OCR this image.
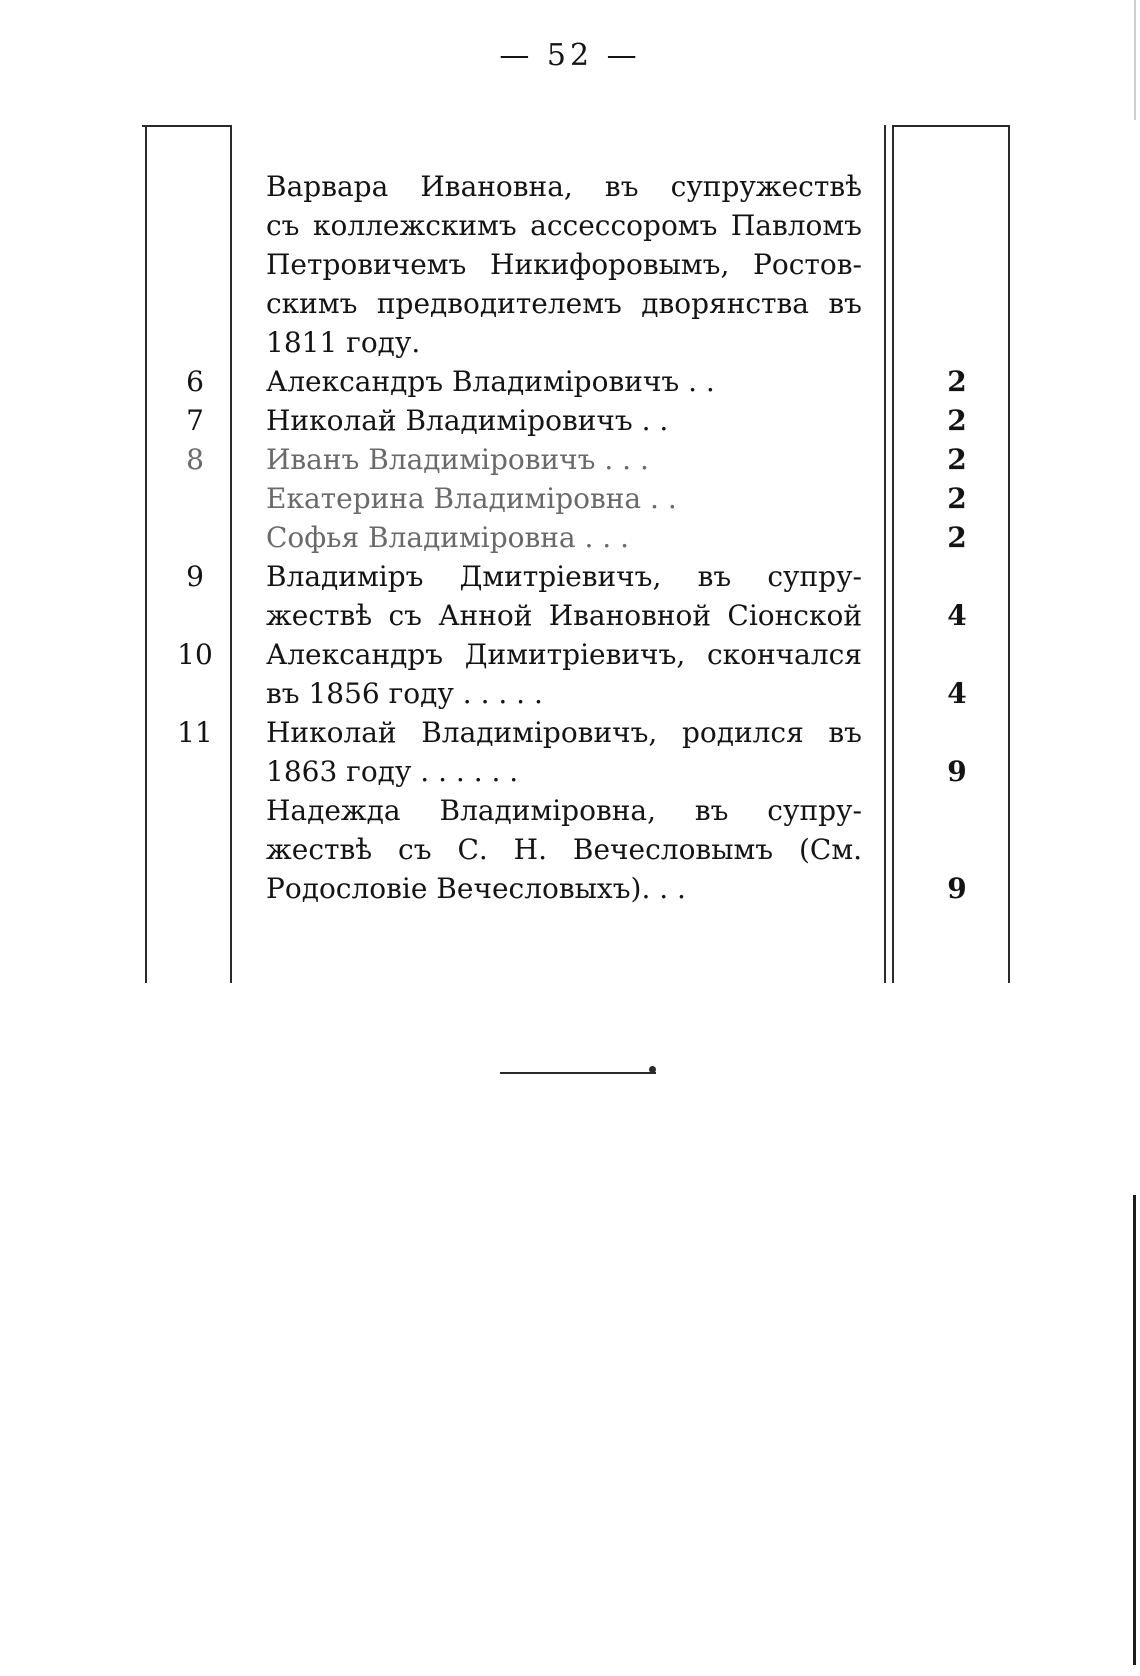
— 52 —
Варвара Ивановна, въ супружествѣ
съ коллежскимъ ассессоромъ Павломъ
Петровичемъ Никифоровымъ, Ростов-
скимъ предводителемъ дворянства въ
1811 году.
6	Александръ Владиміровичъ . .	2
7	Николай Владиміровичъ . .	2
8	Иванъ Владиміровичъ . . .	2
Екатерина Владиміровна . .	2
Софья Владиміровна . . .	2
9	Владиміръ Дмитріевичъ, въ супру-
жествѣ съ Анной Ивановной Сіонской	4
10	Александръ Димитріевичъ, скончался
въ 1856 году . . . . .	4
11	Николай Владиміровичъ, родился въ
1863 году . . . . . .	9
Надежда Владиміровна, въ супру-
жествѣ съ С. Н. Вечесловымъ (См.
Родословіе Вечесловыхъ). . .	9
